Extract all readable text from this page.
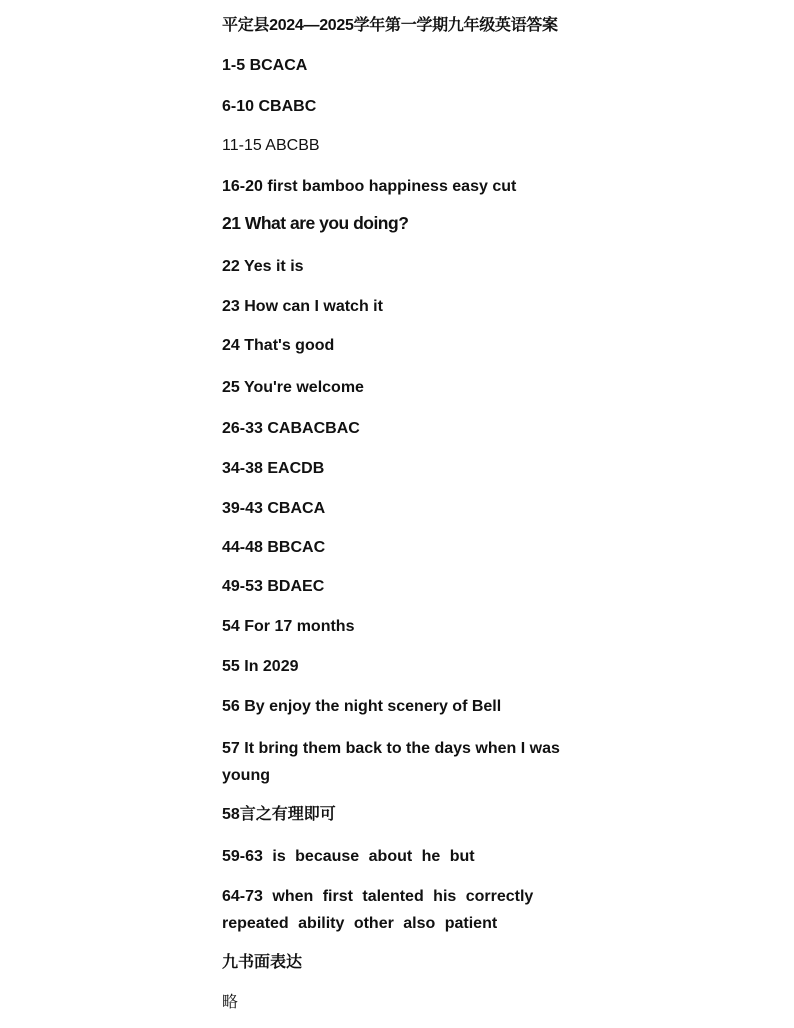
平定县2024—2025学年第一学期九年级英语答案
1-5 BCACA
6-10 CBABC
11-15 ABCBB
16-20 first bamboo happiness easy cut
21 What are you doing?
22 Yes it is
23 How can I watch it
24 That's good
25 You're welcome
26-33 CABACBAC
34-38 EACDB
39-43 CBACA
44-48 BBCAC
49-53 BDAEC
54 For 17 months
55 In 2029
56 By enjoy the night scenery of Bell
57 It bring them back to the days when I was young
58言之有理即可
59-63 is because about he but
64-73 when first talented his correctly repeated ability other also patient
九书面表达
略
